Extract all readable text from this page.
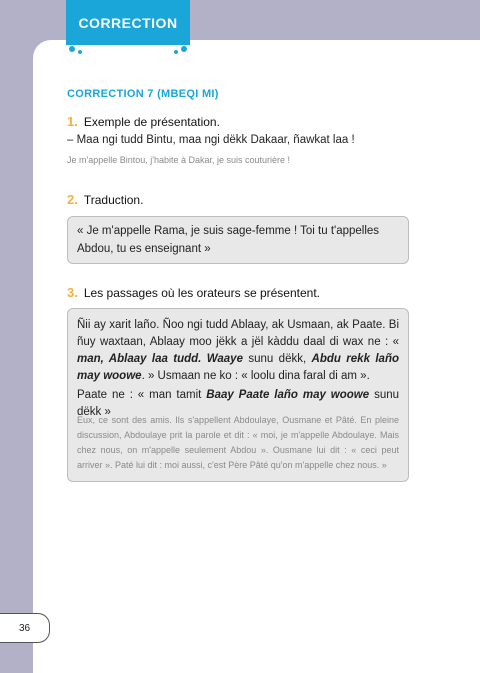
CORRECTION
CORRECTION 7 (MBEQI MI)
1. Exemple de présentation.
– Maa ngi tudd Bintu, maa ngi dëkk Dakaar, ñawkat laa !
Je m'appelle Bintou, j'habite à Dakar, je suis couturière !
2. Traduction.

« Je m'appelle Rama, je suis sage-femme ! Toi tu t'appelles

Abdou, tu es enseignant »

3. Les passages où les orateurs se présentent.

Ñii ay xarit laño. Ñoo ngi tudd Ablaay, ak Usmaan, ak Paate. Bi ñuy waxtaan, Ablaay moo jëkk a jël kàddu daal di wax ne : « man, Ablaay laa tudd. Waaye sunu dëkk, Abdu rekk laño may woowe. » Usmaan ne ko : « loolu dina faral di am ».

Paate ne : « man tamit Baay Paate laño may woowe sunu dëkk »

Eux, ce sont des amis. Ils s'appellent Abdoulaye, Ousmane et Pâté. En pleine discussion, Abdoulaye prit la parole et dit : « moi, je m'appelle Abdoulaye. Mais chez nous, on m'appelle seulement Abdou ». Ousmane lui dit : « ceci peut arriver ». Paté lui dit : moi aussi, c'est Père Pâté qu'on m'appelle chez nous. »

36
